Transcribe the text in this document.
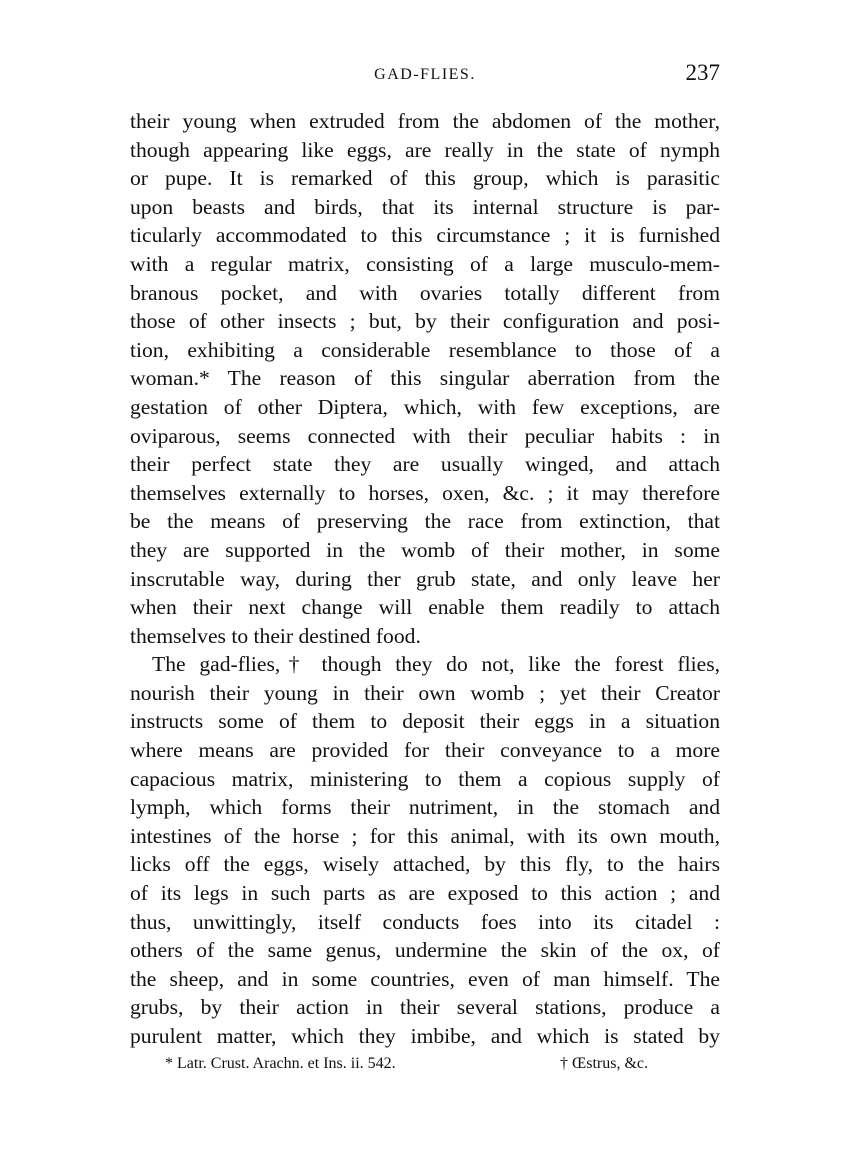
GAD-FLIES.	237
their young when extruded from the abdomen of the mother,
though appearing like eggs, are really in the state of nymph
or pupe. It is remarked of this group, which is parasitic
upon beasts and birds, that its internal structure is par-
ticularly accommodated to this circumstance ; it is furnished
with a regular matrix, consisting of a large musculo-mem-
branous pocket, and with ovaries totally different from
those of other insects ; but, by their configuration and posi-
tion, exhibiting a considerable resemblance to those of a
woman.* The reason of this singular aberration from the
gestation of other Diptera, which, with few exceptions, are
oviparous, seems connected with their peculiar habits : in
their perfect state they are usually winged, and attach
themselves externally to horses, oxen, &c. ; it may therefore
be the means of preserving the race from extinction, that
they are supported in the womb of their mother, in some
inscrutable way, during ther grub state, and only leave her
when their next change will enable them readily to attach
themselves to their destined food.
The gad-flies,† though they do not, like the forest flies,
nourish their young in their own womb ; yet their Creator
instructs some of them to deposit their eggs in a situation
where means are provided for their conveyance to a more
capacious matrix, ministering to them a copious supply of
lymph, which forms their nutriment, in the stomach and
intestines of the horse ; for this animal, with its own mouth,
licks off the eggs, wisely attached, by this fly, to the hairs
of its legs in such parts as are exposed to this action ; and
thus, unwittingly, itself conducts foes into its citadel :
others of the same genus, undermine the skin of the ox, of
the sheep, and in some countries, even of man himself. The
grubs, by their action in their several stations, produce a
purulent matter, which they imbibe, and which is stated by
* Latr. Crust. Arachn. et Ins. ii. 542.	† Œstrus, &c.
